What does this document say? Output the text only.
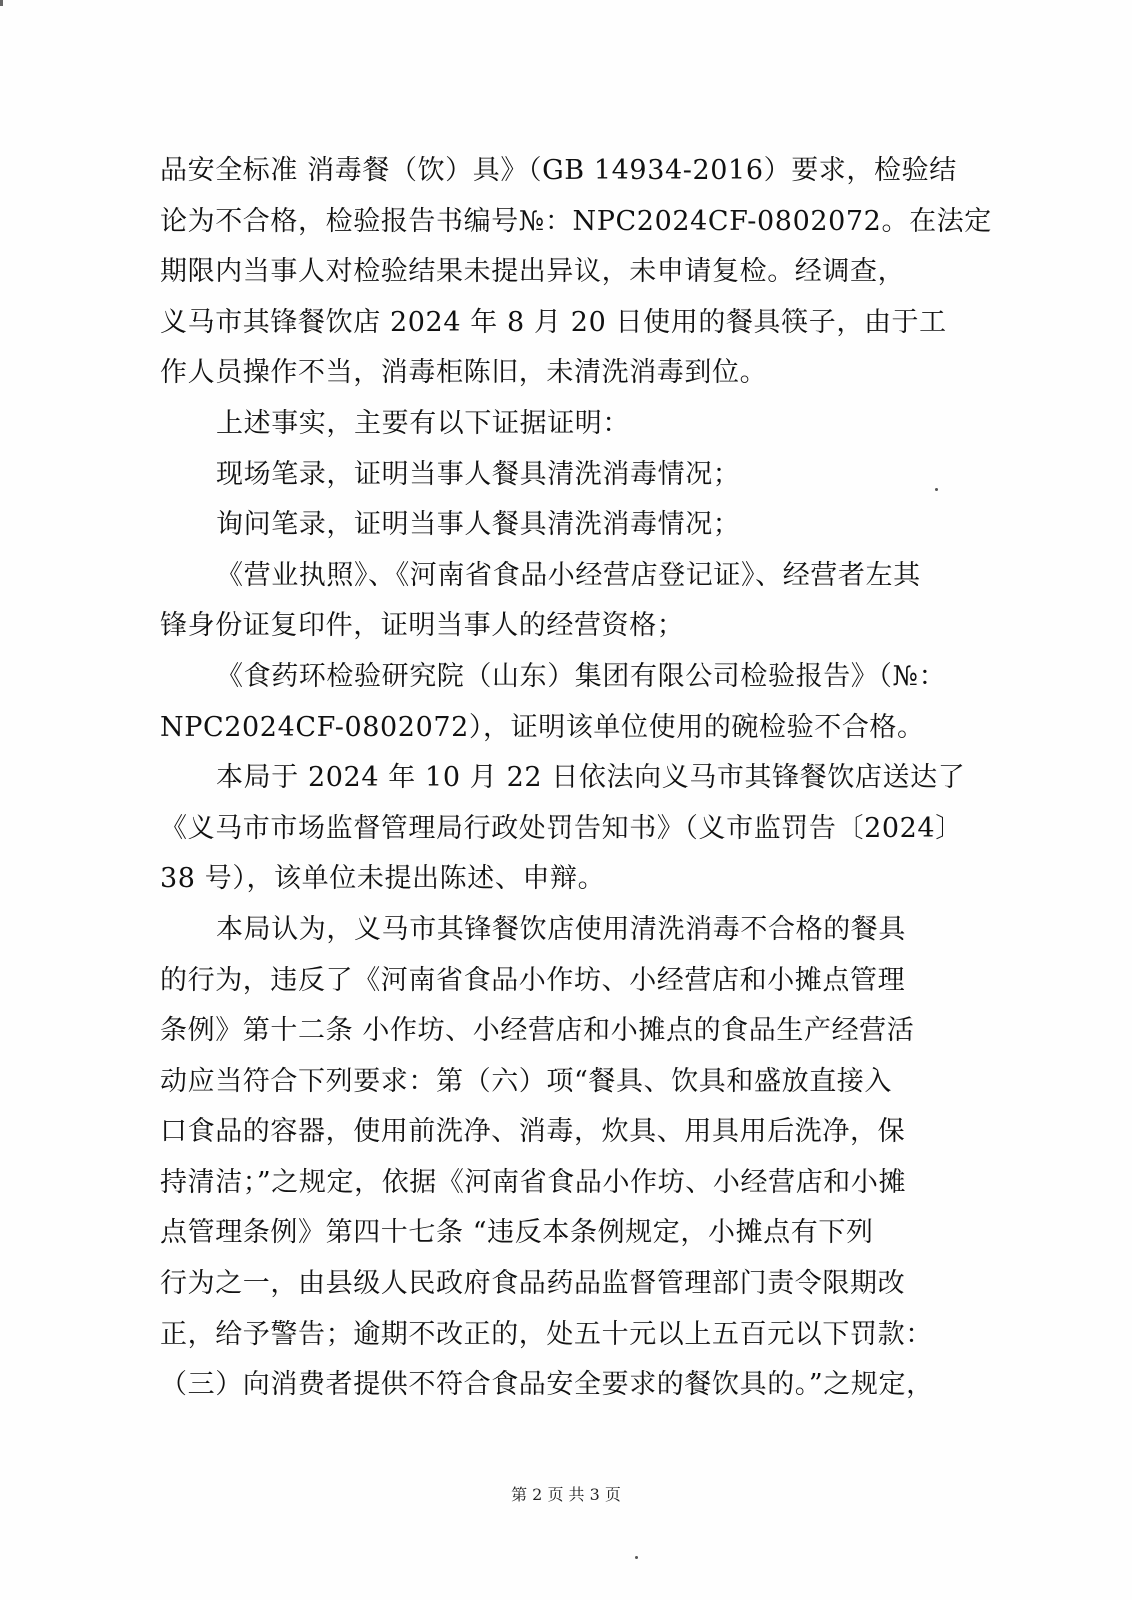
品安全标准 消毒餐（饮）具》（GB 14934-2016）要求，检验结
论为不合格，检验报告书编号№：NPC2024CF-0802072。在法定
期限内当事人对检验结果未提出异议，未申请复检。经调查，
义马市其锋餐饮店 2024 年 8 月 20 日使用的餐具筷子，由于工
作人员操作不当，消毒柜陈旧，未清洗消毒到位。
上述事实，主要有以下证据证明：
现场笔录，证明当事人餐具清洗消毒情况；
询问笔录，证明当事人餐具清洗消毒情况；
《营业执照》、《河南省食品小经营店登记证》、经营者左其
锋身份证复印件，证明当事人的经营资格；
《食药环检验研究院（山东）集团有限公司检验报告》（№：
NPC2024CF-0802072），证明该单位使用的碗检验不合格。
本局于 2024 年 10 月 22 日依法向义马市其锋餐饮店送达了
《义马市市场监督管理局行政处罚告知书》（义市监罚告〔2024〕
38 号），该单位未提出陈述、申辩。
本局认为，义马市其锋餐饮店使用清洗消毒不合格的餐具
的行为，违反了《河南省食品小作坊、小经营店和小摊点管理
条例》第十二条 小作坊、小经营店和小摊点的食品生产经营活
动应当符合下列要求：第（六）项“餐具、饮具和盛放直接入
口食品的容器，使用前洗净、消毒，炊具、用具用后洗净，保
持清洁；”之规定，依据《河南省食品小作坊、小经营店和小摊
点管理条例》第四十七条 “违反本条例规定，小摊点有下列
行为之一，由县级人民政府食品药品监督管理部门责令限期改
正，给予警告；逾期不改正的，处五十元以上五百元以下罚款：
（三）向消费者提供不符合食品安全要求的餐饮具的。”之规定，
第 2 页 共 3 页
